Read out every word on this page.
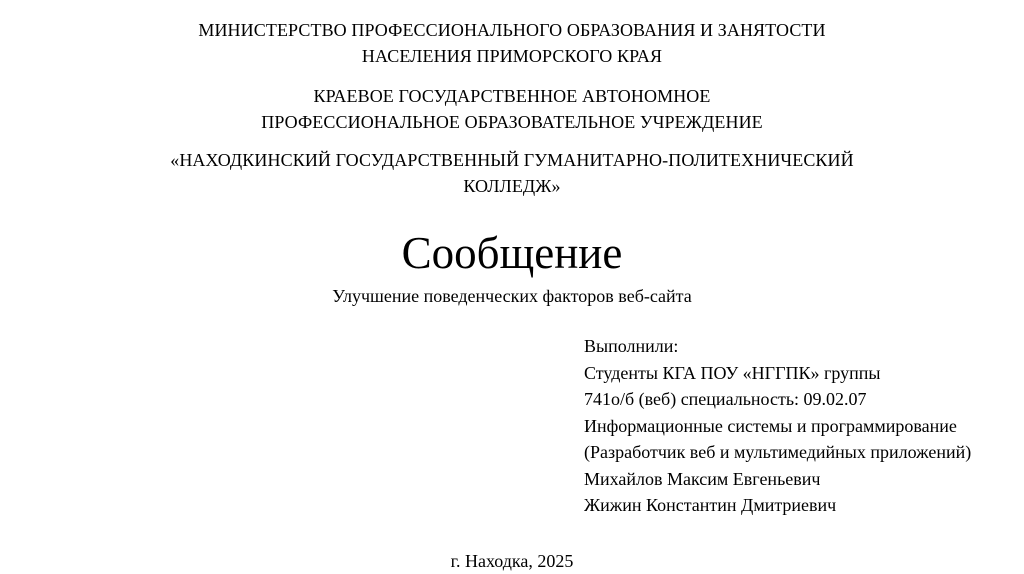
МИНИСТЕРСТВО ПРОФЕССИОНАЛЬНОГО ОБРАЗОВАНИЯ И ЗАНЯТОСТИ
НАСЕЛЕНИЯ ПРИМОРСКОГО КРАЯ
КРАЕВОЕ ГОСУДАРСТВЕННОЕ АВТОНОМНОЕ
ПРОФЕССИОНАЛЬНОЕ ОБРАЗОВАТЕЛЬНОЕ УЧРЕЖДЕНИЕ
«НАХОДКИНСКИЙ ГОСУДАРСТВЕННЫЙ ГУМАНИТАРНО-ПОЛИТЕХНИЧЕСКИЙ
КОЛЛЕДЖ»
Сообщение
Улучшение поведенческих факторов веб-сайта
Выполнили:
Студенты КГА ПОУ «НГГПК» группы
741о/б (веб) специальность: 09.02.07
Информационные системы и программирование
(Разработчик веб и мультимедийных приложений)
Михайлов Максим Евгеньевич
Жижин Константин Дмитриевич
г. Находка, 2025
